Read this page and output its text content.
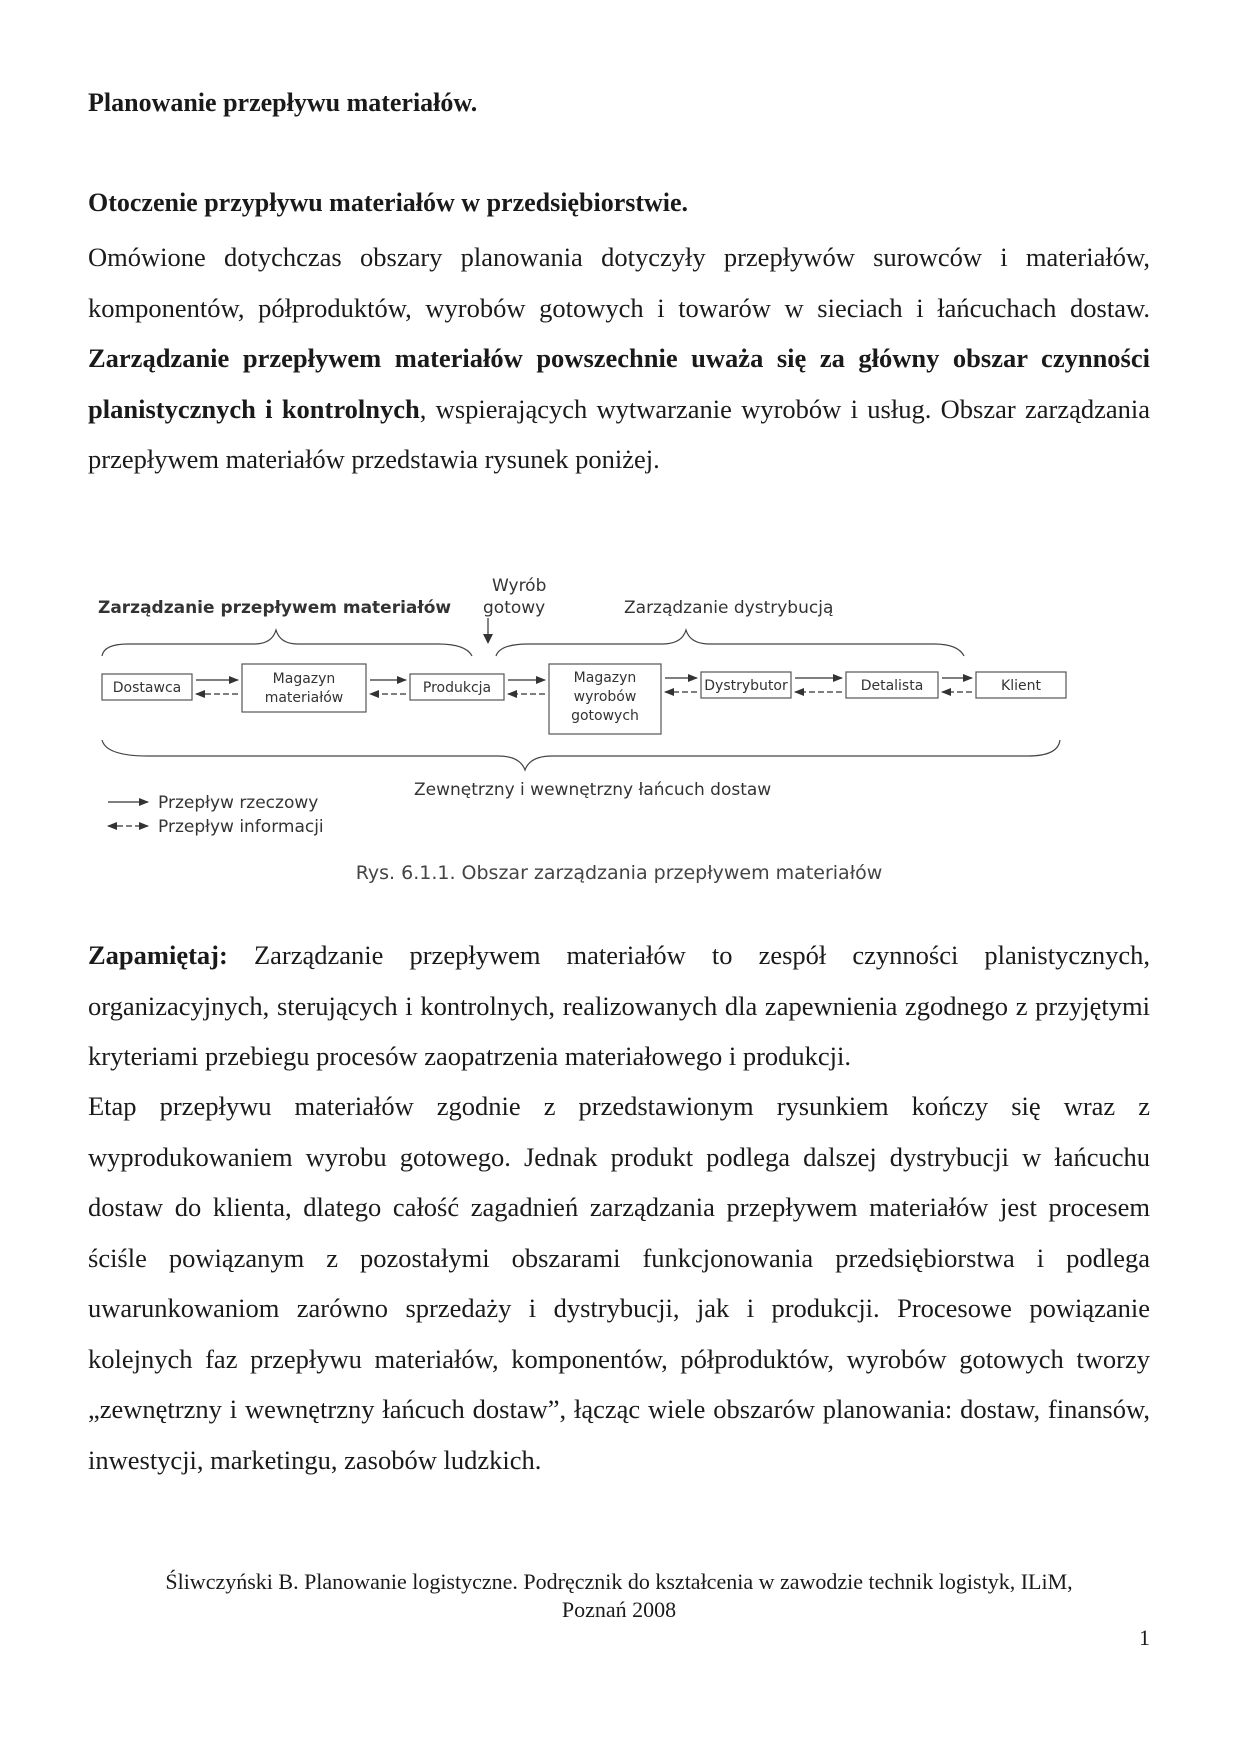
Planowanie przepływu materiałów.
Otoczenie przypływu materiałów w przedsiębiorstwie.

Omówione dotychczas obszary planowania dotyczyły przepływów surowców i materiałów, komponentów, półproduktów, wyrobów gotowych i towarów w sieciach i łańcuchach dostaw. Zarządzanie przepływem materiałów powszechnie uważa się za główny obszar czynności planistycznych i kontrolnych, wspierających wytwarzanie wyrobów i usług. Obszar zarządzania przepływem materiałów przedstawia rysunek poniżej.

Zarządzanie przepływem materiałów
Wyrób
gotowy	Zarządzanie dystrybucją
Dostawca
Magazyn
materiałów
Produkcja
Magazyn
wyrobów
gotowych
Dystrybutor	Detalista	Klient
Zewnętrzny i wewnętrzny łańcuch dostaw
Przepływ rzeczowy
Przepływ informacji
Rys. 6.1.1. Obszar zarządzania przepływem materiałów

Zapamiętaj: Zarządzanie przepływem materiałów to zespół czynności planistycznych, organizacyjnych, sterujących i kontrolnych, realizowanych dla zapewnienia zgodnego z przyjętymi kryteriami przebiegu procesów zaopatrzenia materiałowego i produkcji.

Etap przepływu materiałów zgodnie z przedstawionym rysunkiem kończy się wraz z wyprodukowaniem wyrobu gotowego. Jednak produkt podlega dalszej dystrybucji w łańcuchu dostaw do klienta, dlatego całość zagadnień zarządzania przepływem materiałów jest procesem ściśle powiązanym z pozostałymi obszarami funkcjonowania przedsiębiorstwa i podlega uwarunkowaniom zarówno sprzedaży i dystrybucji, jak i produkcji. Procesowe powiązanie kolejnych faz przepływu materiałów, komponentów, półproduktów, wyrobów gotowych tworzy „zewnętrzny i wewnętrzny łańcuch dostaw”, łącząc wiele obszarów planowania: dostaw, finansów, inwestycji, marketingu, zasobów ludzkich.

Śliwczyński B. Planowanie logistyczne. Podręcznik do kształcenia w zawodzie technik logistyk, ILiM,
Poznań 2008
1
